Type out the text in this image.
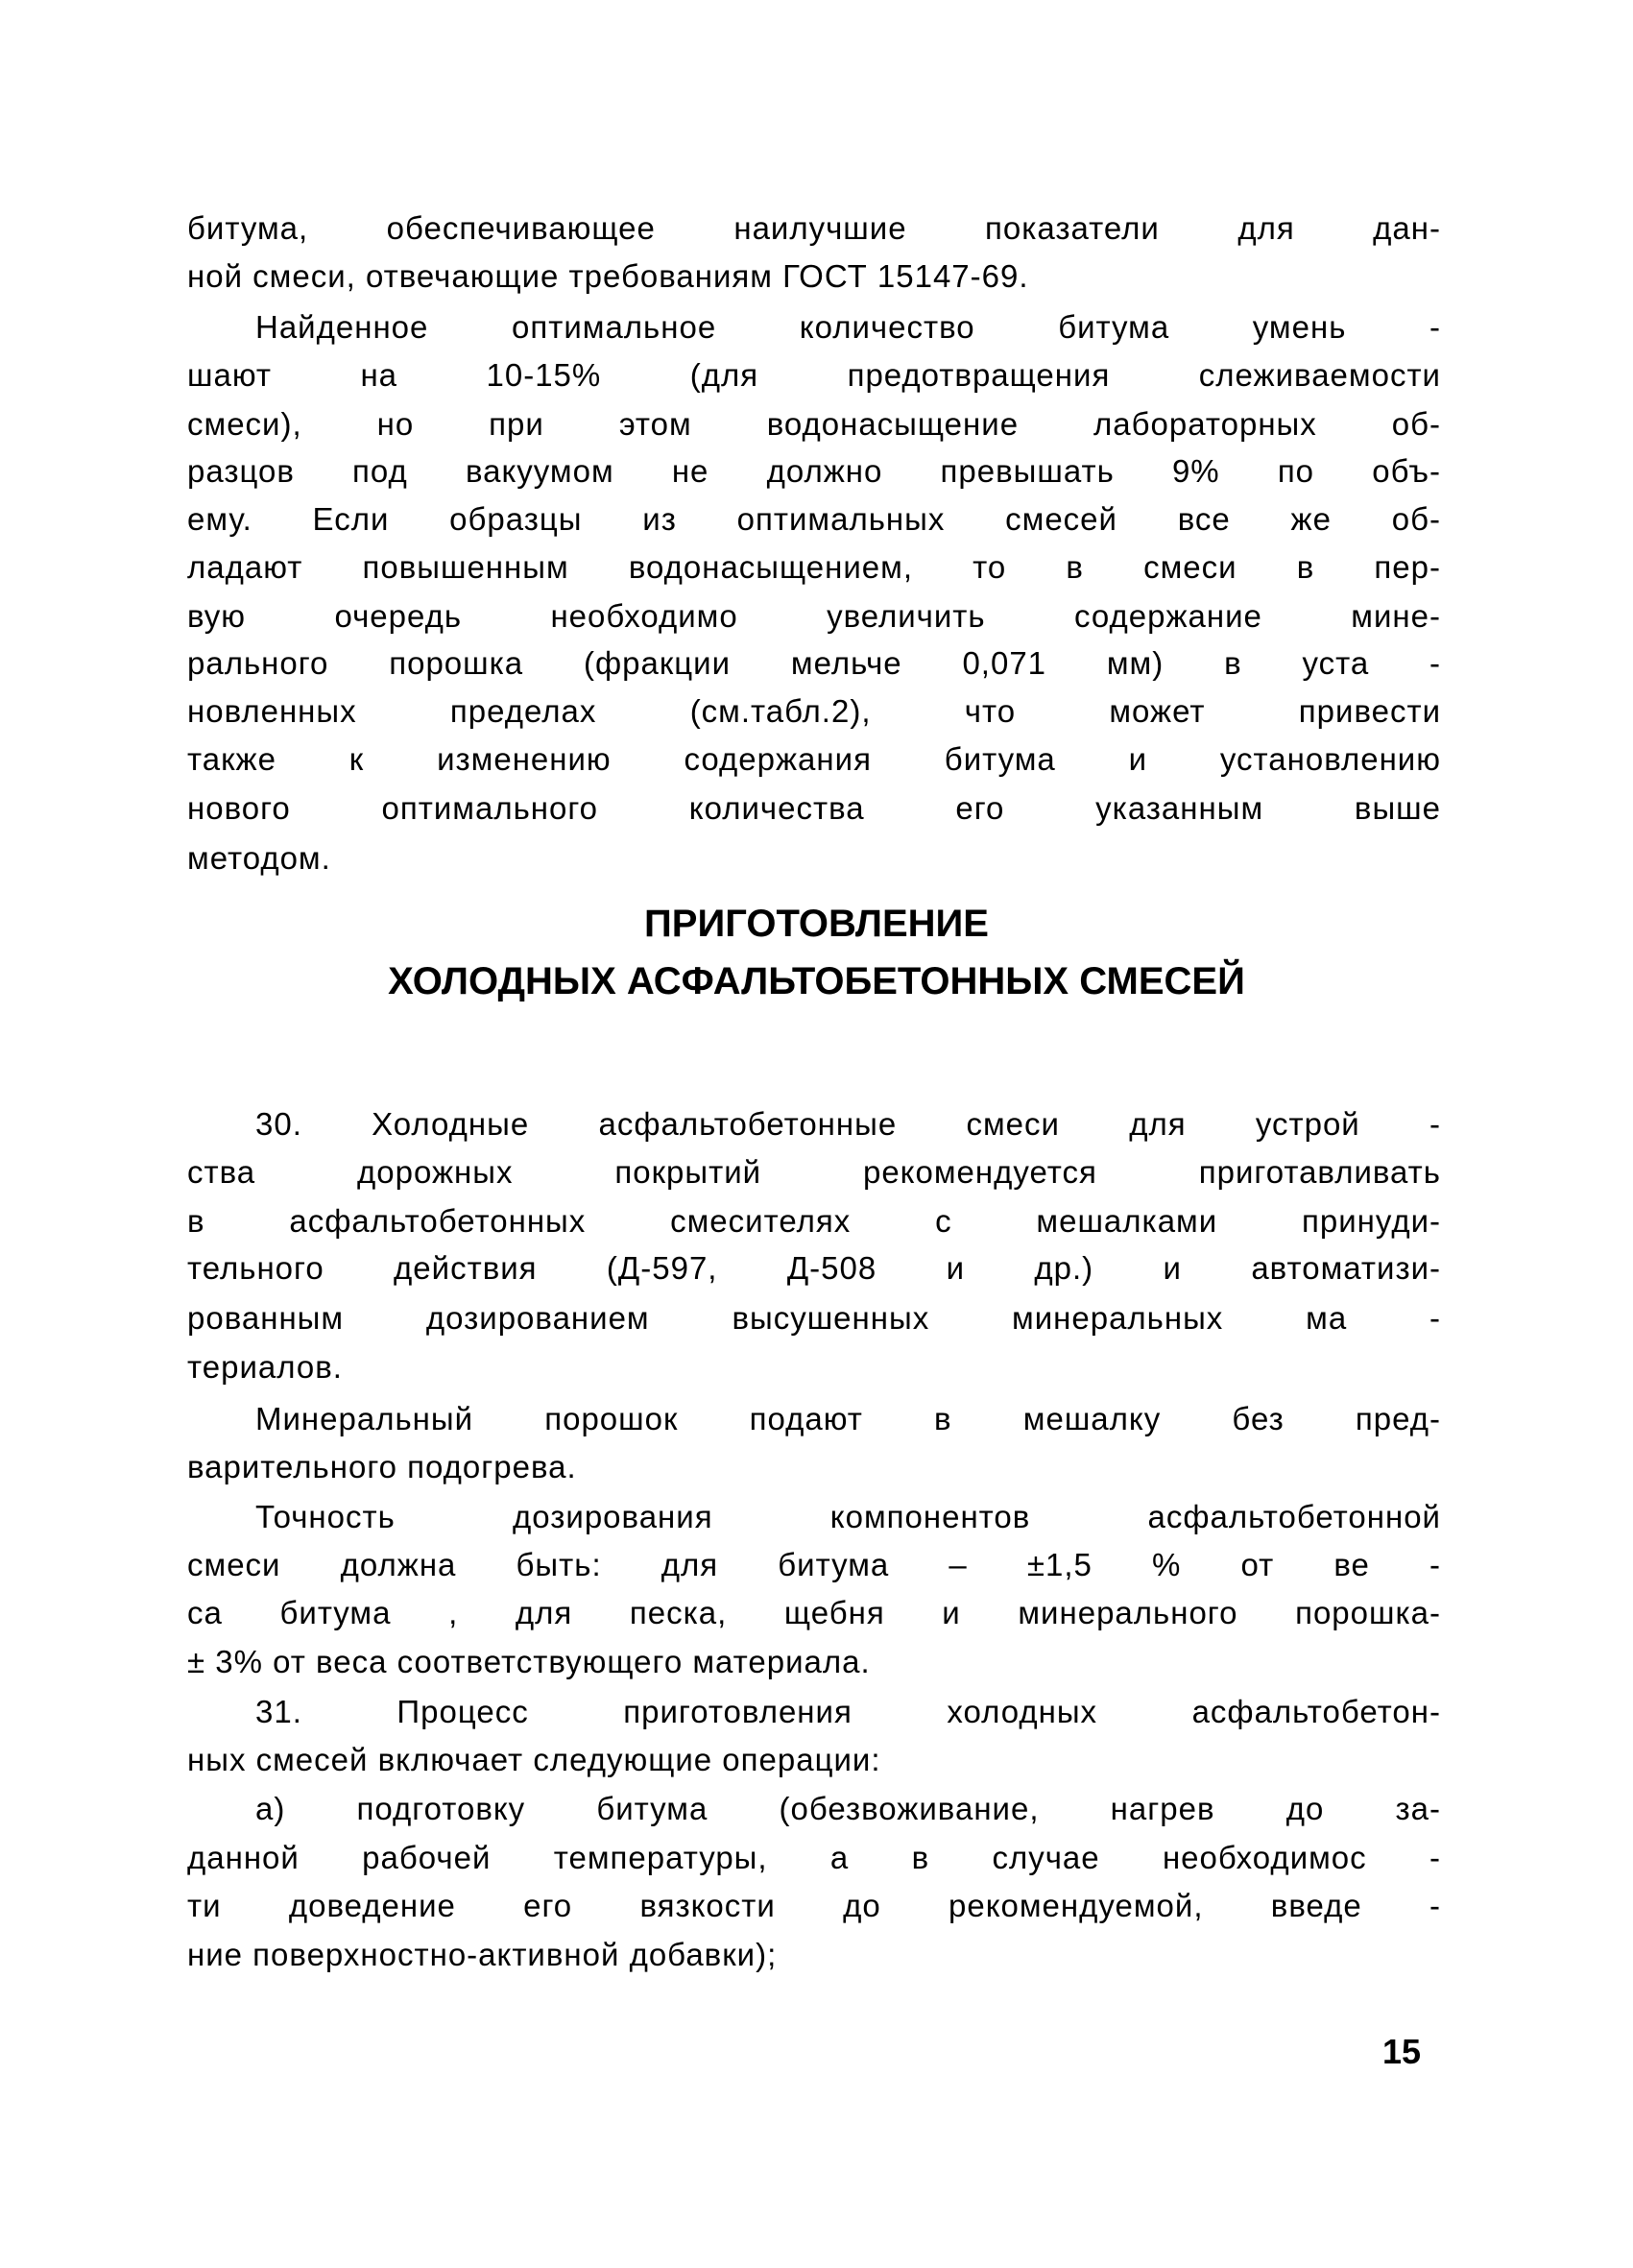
битума, обеспечивающее наилучшие показатели для дан-
ной смеси, отвечающие требованиям ГОСТ 15147-69.
Найденное оптимальное количество битума умень -
шают на 10-15% (для предотвращения слеживаемости
смеси), но при этом водонасыщение лабораторных об-
разцов под вакуумом не должно превышать 9% по объ-
ему. Если образцы из оптимальных смесей все же об-
ладают повышенным водонасыщением, то в смеси в пер-
вую очередь необходимо увеличить содержание мине-
рального порошка (фракции мельче 0,071 мм) в уста -
новленных пределах (см.табл.2), что может привести
также к изменению содержания битума и установлению
нового оптимального количества его указанным выше
методом.
30. Холодные асфальтобетонные смеси для устрой -
ства дорожных покрытий рекомендуется приготавливать
в асфальтобетонных смесителях с мешалками принуди-
тельного действия (Д-597, Д-508 и др.) и автоматизи-
рованным дозированием высушенных минеральных ма -
териалов.
Минеральный порошок подают в мешалку без пред-
варительного подогрева.
Точность дозирования компонентов асфальтобетонной
смеси должна быть: для битума – ±1,5 % от ве -
са битума , для песка, щебня и минерального порошка-
± 3% от веса соответствующего материала.
31. Процесс приготовления холодных асфальтобетон-
ных смесей включает следующие операции:
а) подготовку битума (обезвоживание, нагрев до за-
данной рабочей температуры, а в случае необходимос -
ти доведение его вязкости до рекомендуемой, введе -
ние поверхностно-активной добавки);
ПРИГОТОВЛЕНИЕ
ХОЛОДНЫХ АСФАЛЬТОБЕТОННЫХ СМЕСЕЙ
15
